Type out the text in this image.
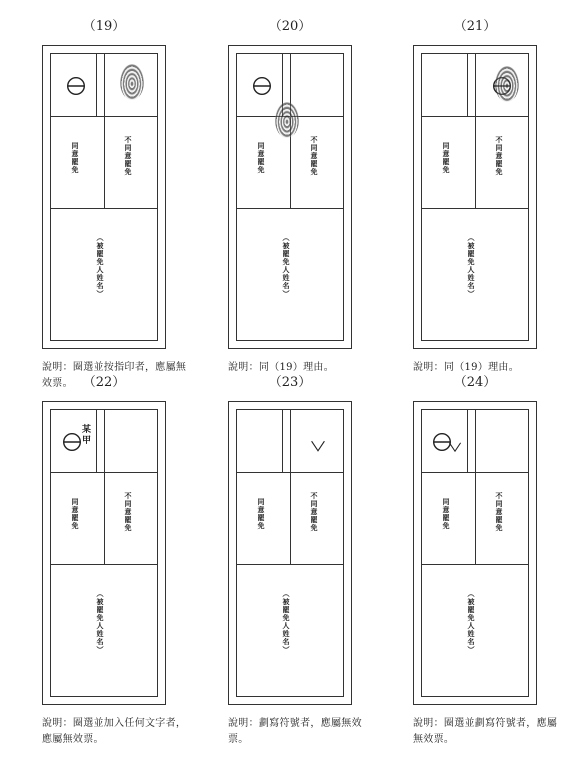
（19）
同意罷免	不同意罷免
（被罷免人姓名）
說明：圈選並按指印者，應屬無效票。
（20）
同意罷免	不同意罷免
（被罷免人姓名）
說明：同（19）理由。
（21）
同意罷免	不同意罷免
（被罷免人姓名）
說明：同（19）理由。
（22）
同意罷免	不同意罷免
（被罷免人姓名）
某甲
說明：圈選並加入任何文字者，應屬無效票。
（23）
同意罷免	不同意罷免
（被罷免人姓名）
說明：劃寫符號者，應屬無效票。
（24）
同意罷免	不同意罷免
（被罷免人姓名）
說明：圈選並劃寫符號者，應屬無效票。
